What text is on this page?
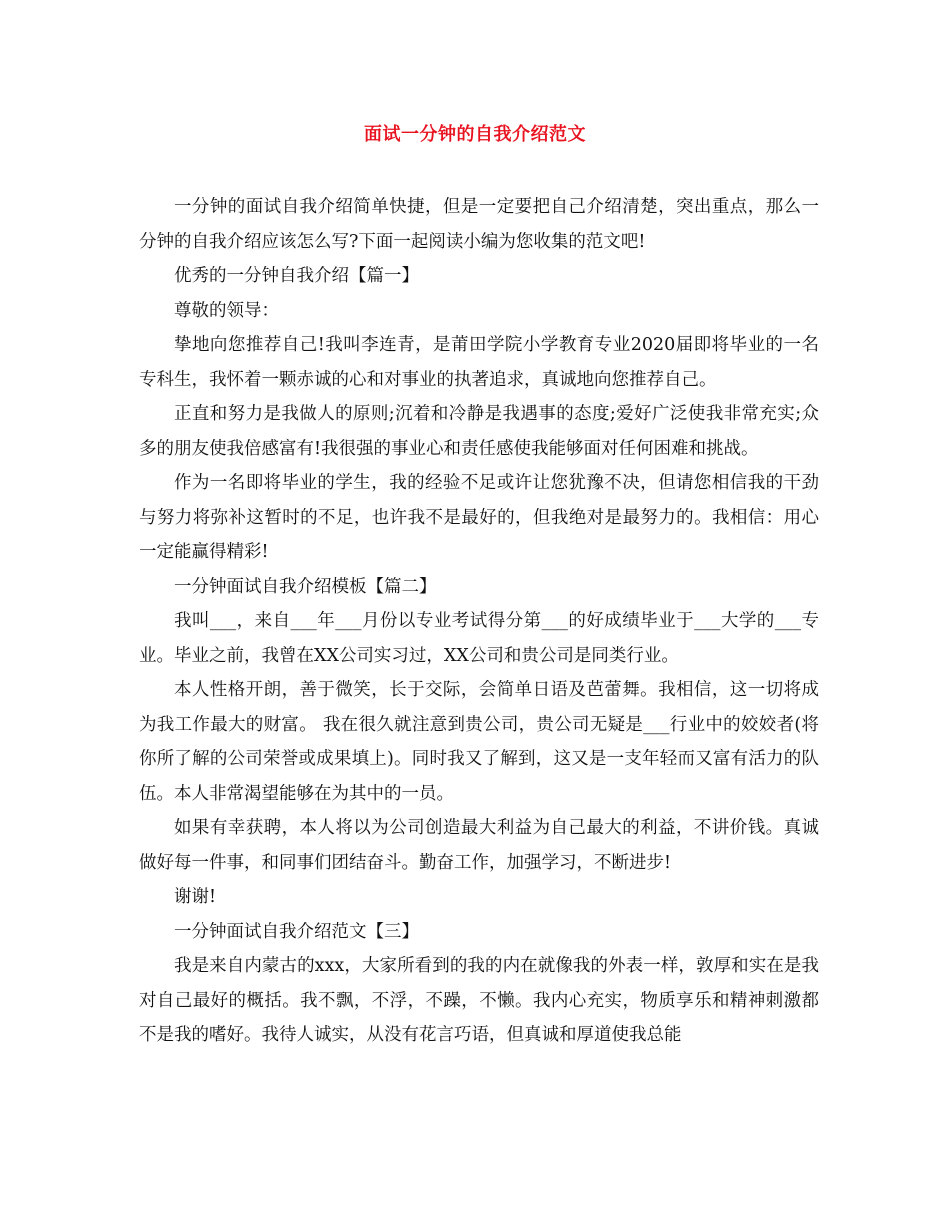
面试一分钟的自我介绍范文

一分钟的面试自我介绍简单快捷，但是一定要把自己介绍清楚，突出重点，那么一分钟的自我介绍应该怎么写?下面一起阅读小编为您收集的范文吧!

优秀的一分钟自我介绍【篇一】

尊敬的领导：

挚地向您推荐自己!我叫李连青，是莆田学院小学教育专业2020届即将毕业的一名专科生，我怀着一颗赤诚的心和对事业的执著追求，真诚地向您推荐自己。

正直和努力是我做人的原则;沉着和冷静是我遇事的态度;爱好广泛使我非常充实;众多的朋友使我倍感富有!我很强的事业心和责任感使我能够面对任何困难和挑战。

作为一名即将毕业的学生，我的经验不足或许让您犹豫不决，但请您相信我的干劲与努力将弥补这暂时的不足，也许我不是最好的，但我绝对是最努力的。我相信：用心一定能赢得精彩!

一分钟面试自我介绍模板【篇二】

我叫___，来自___年___月份以专业考试得分第___的好成绩毕业于___大学的___专业。毕业之前，我曾在XX公司实习过，XX公司和贵公司是同类行业。

本人性格开朗，善于微笑，长于交际，会简单日语及芭蕾舞。我相信，这一切将成为我工作最大的财富。 我在很久就注意到贵公司，贵公司无疑是___行业中的姣姣者(将你所了解的公司荣誉或成果填上)。同时我又了解到，这又是一支年轻而又富有活力的队伍。本人非常渴望能够在为其中的一员。

如果有幸获聘，本人将以为公司创造最大利益为自己最大的利益，不讲价钱。真诚做好每一件事，和同事们团结奋斗。勤奋工作，加强学习，不断进步!

谢谢!

一分钟面试自我介绍范文【三】

我是来自内蒙古的xxx，大家所看到的我的内在就像我的外表一样，敦厚和实在是我对自己最好的概括。我不飘，不浮，不躁，不懒。我内心充实，物质享乐和精神刺激都不是我的嗜好。我待人诚实，从没有花言巧语，但真诚和厚道使我总能
